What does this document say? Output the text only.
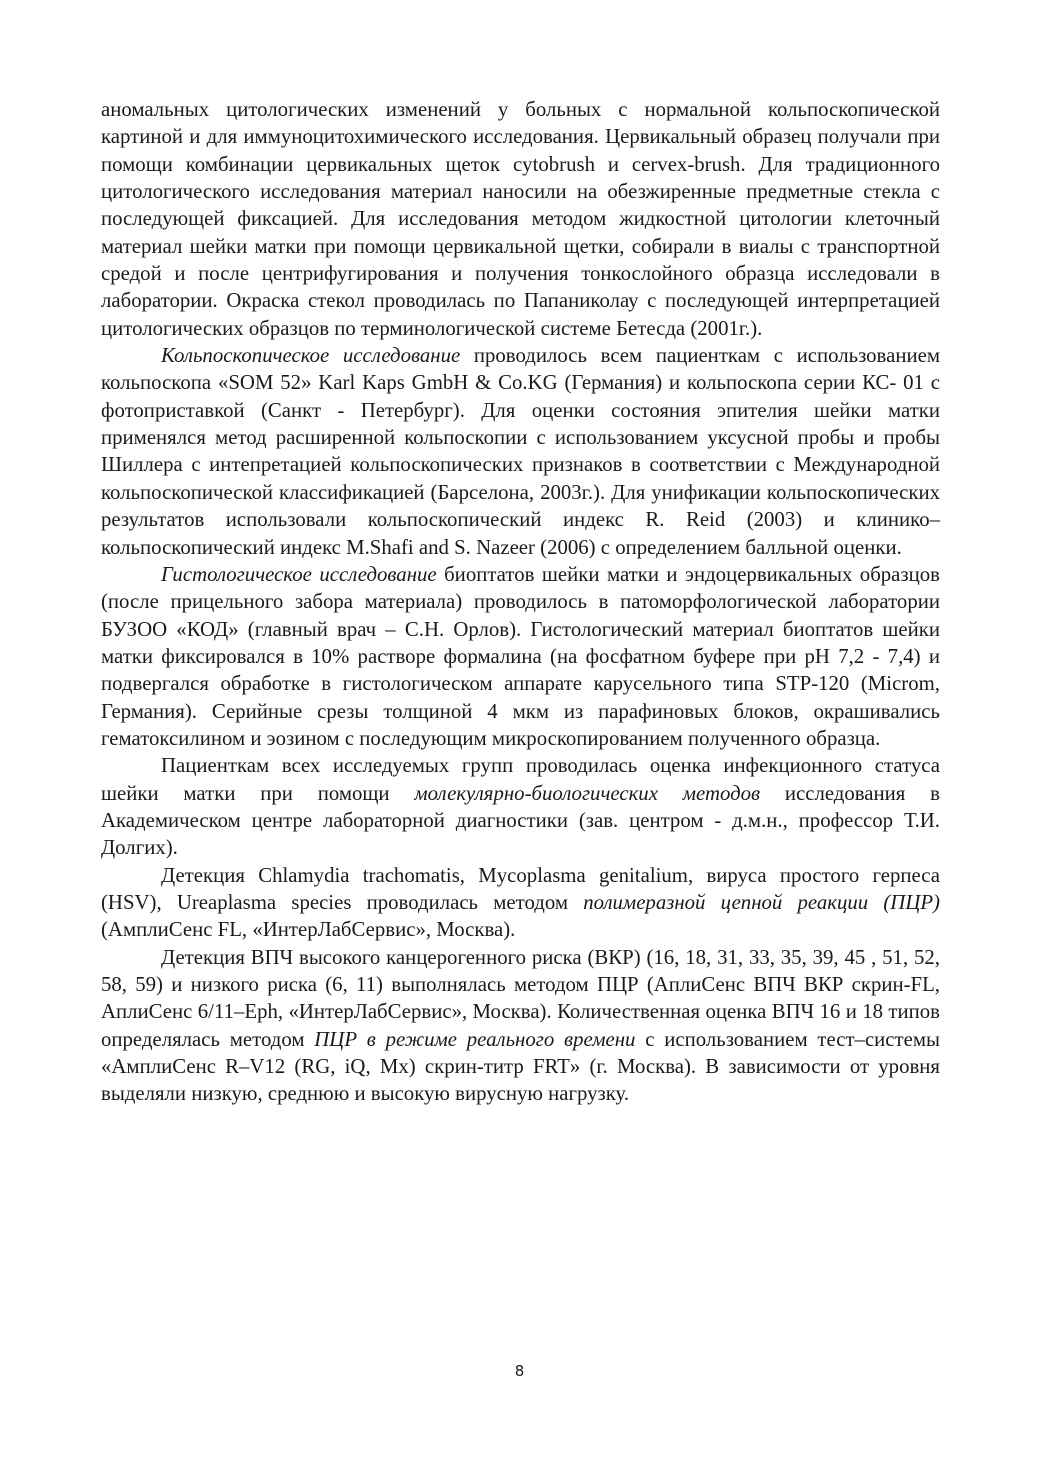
аномальных цитологических изменений у больных с нормальной кольпоскопической картиной и для иммуноцитохимического исследования. Цервикальный образец получали при помощи комбинации цервикальных щеток cytobrush и cervex-brush. Для традиционного цитологического исследования материал наносили на обезжиренные предметные стекла с последующей фиксацией. Для исследования методом жидкостной цитологии клеточный материал шейки матки при помощи цервикальной щетки, собирали в виалы с транспортной средой и после центрифугирования и получения тонкослойного образца исследовали в лаборатории. Окраска стекол проводилась по Папаниколау с последующей интерпретацией цитологических образцов по терминологической системе Бетесда (2001г.).

Кольпоскопическое исследование проводилось всем пациенткам с использованием кольпоскопа «SOM 52» Karl Kaps GmbH & Co.KG (Германия) и кольпоскопа серии КС- 01 с фотоприставкой (Санкт - Петербург). Для оценки состояния эпителия шейки матки применялся метод расширенной кольпоскопии с использованием уксусной пробы и пробы Шиллера с интепретацией кольпоскопических признаков в соответствии с Международной кольпоскопической классификацией (Барселона, 2003г.). Для унификации кольпоскопических результатов использовали кольпоскопический индекс R. Reid (2003) и клинико–кольпоскопический индекс M.Shafi and S. Nazeer (2006) с определением балльной оценки.

Гистологическое исследование биоптатов шейки матки и эндоцервикальных образцов (после прицельного забора материала) проводилось в патоморфологической лаборатории БУЗОО «КОД» (главный врач – С.Н. Орлов). Гистологический материал биоптатов шейки матки фиксировался в 10% растворе формалина (на фосфатном буфере при рН 7,2 - 7,4) и подвергался обработке в гистологическом аппарате карусельного типа STP-120 (Microm, Германия). Серийные срезы толщиной 4 мкм из парафиновых блоков, окрашивались гематоксилином и эозином с последующим микроскопированием полученного образца.

Пациенткам всех исследуемых групп проводилась оценка инфекционного статуса шейки матки при помощи молекулярно-биологических методов исследования в Академическом центре лабораторной диагностики (зав. центром - д.м.н., профессор Т.И. Долгих).

Детекция Chlamydia trachomatis, Mycoplasma genitalium, вируса простого герпеса (HSV), Ureaplasma species проводилась методом полимеразной цепной реакции (ПЦР) (АмплиСенс FL, «ИнтерЛабСервис», Москва).

Детекция ВПЧ высокого канцерогенного риска (ВКР) (16, 18, 31, 33, 35, 39, 45 , 51, 52, 58, 59) и низкого риска (6, 11) выполнялась методом ПЦР (АплиСенс ВПЧ ВКР скрин-FL, АплиСенс 6/11–Eph, «ИнтерЛабСервис», Москва). Количественная оценка ВПЧ 16 и 18 типов определялась методом ПЦР в режиме реального времени с использованием тест–системы «АмплиСенс R–V12 (RG, iQ, Mx) скрин-титр FRT» (г. Москва). В зависимости от уровня выделяли низкую, среднюю и высокую вирусную нагрузку.

8
